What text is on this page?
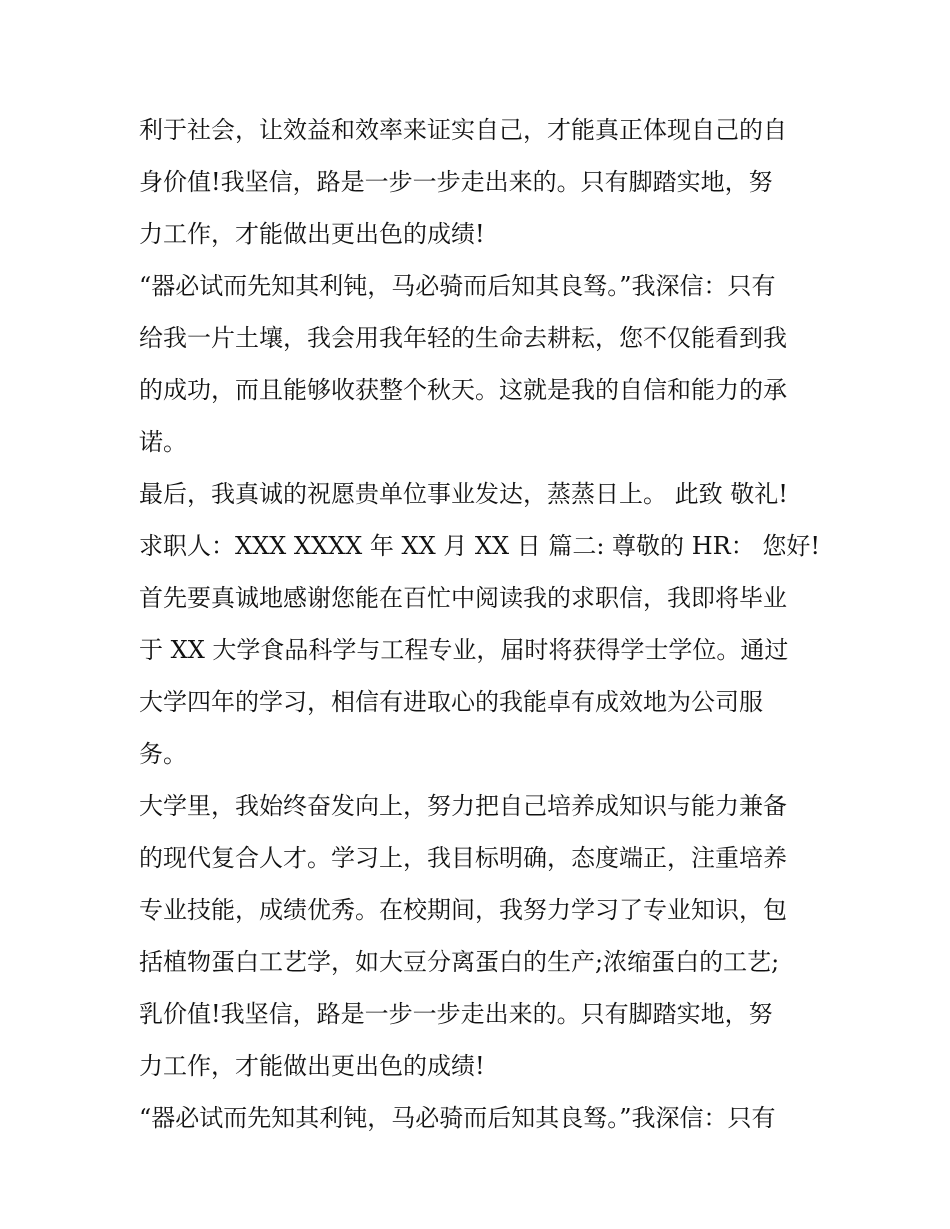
利于社会，让效益和效率来证实自己，才能真正体现自己的自
身价值!我坚信，路是一步一步走出来的。只有脚踏实地，努
力工作，才能做出更出色的成绩!
“器必试而先知其利钝，马必骑而后知其良驽。”我深信：只有
给我一片土壤，我会用我年轻的生命去耕耘，您不仅能看到我
的成功，而且能够收获整个秋天。这就是我的自信和能力的承
诺。
最后，我真诚的祝愿贵单位事业发达，蒸蒸日上。 此致 敬礼!
求职人：XXX XXXX 年 XX 月 XX 日 篇二: 尊敬的 HR： 您好!
首先要真诚地感谢您能在百忙中阅读我的求职信，我即将毕业
于 XX 大学食品科学与工程专业，届时将获得学士学位。通过
大学四年的学习，相信有进取心的我能卓有成效地为公司服
务。
大学里，我始终奋发向上，努力把自己培养成知识与能力兼备
的现代复合人才。学习上，我目标明确，态度端正，注重培养
专业技能，成绩优秀。在校期间，我努力学习了专业知识，包
括植物蛋白工艺学，如大豆分离蛋白的生产;浓缩蛋白的工艺;
乳价值!我坚信，路是一步一步走出来的。只有脚踏实地，努
力工作，才能做出更出色的成绩!
“器必试而先知其利钝，马必骑而后知其良驽。”我深信：只有
